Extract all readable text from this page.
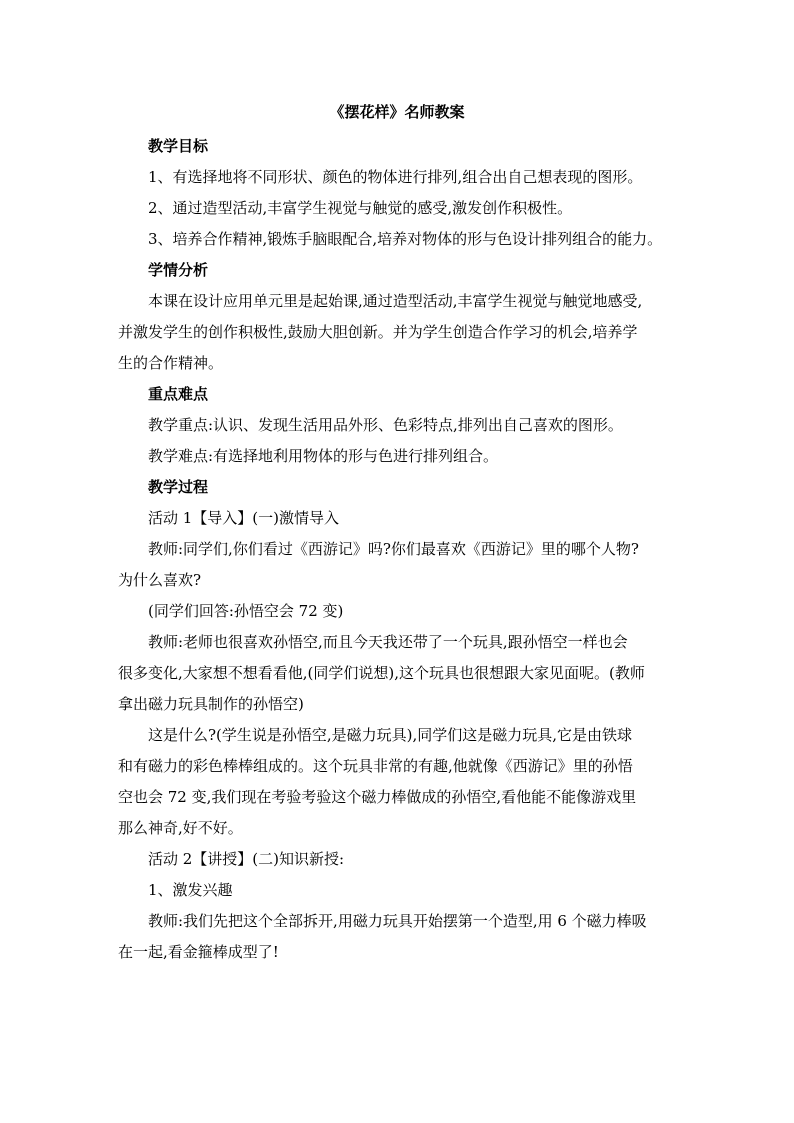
《摆花样》名师教案
教学目标
1、有选择地将不同形状、颜色的物体进行排列,组合出自己想表现的图形。
2、通过造型活动,丰富学生视觉与触觉的感受,激发创作积极性。
3、培养合作精神,锻炼手脑眼配合,培养对物体的形与色设计排列组合的能力。
学情分析
本课在设计应用单元里是起始课,通过造型活动,丰富学生视觉与触觉地感受,
并激发学生的创作积极性,鼓励大胆创新。并为学生创造合作学习的机会,培养学
生的合作精神。
重点难点
教学重点:认识、发现生活用品外形、色彩特点,排列出自己喜欢的图形。
教学难点:有选择地利用物体的形与色进行排列组合。
教学过程
活动 1【导入】(一)激情导入
教师:同学们,你们看过《西游记》吗?你们最喜欢《西游记》里的哪个人物?
为什么喜欢?
(同学们回答:孙悟空会 72 变)
教师:老师也很喜欢孙悟空,而且今天我还带了一个玩具,跟孙悟空一样也会
很多变化,大家想不想看看他,(同学们说想),这个玩具也很想跟大家见面呢。(教师
拿出磁力玩具制作的孙悟空)
这是什么?(学生说是孙悟空,是磁力玩具),同学们这是磁力玩具,它是由铁球
和有磁力的彩色棒棒组成的。这个玩具非常的有趣,他就像《西游记》里的孙悟
空也会 72 变,我们现在考验考验这个磁力棒做成的孙悟空,看他能不能像游戏里
那么神奇,好不好。
活动 2【讲授】(二)知识新授:
1、激发兴趣
教师:我们先把这个全部拆开,用磁力玩具开始摆第一个造型,用 6 个磁力棒吸
在一起,看金箍棒成型了!
